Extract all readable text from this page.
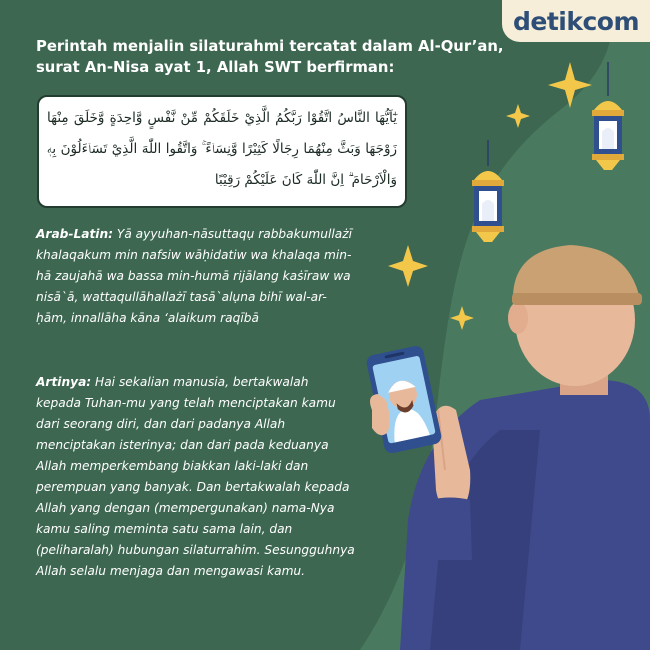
detik com
Perintah menjalin silaturahmi tercatat dalam Al-Qur’an, surat An-Nisa ayat 1, Allah SWT berfirman:
يٰٓاَيُّهَا النَّاسُ اتَّقُوْا رَبَّكُمُ الَّذِيْ خَلَقَكُمْ مِّنْ نَّفْسٍ وَّاحِدَةٍ وَّخَلَقَ مِنْهَا زَوْجَهَا وَبَثَّ مِنْهُمَا رِجَالًا كَثِيْرًا وَّنِسَاۤءً ۚ وَاتَّقُوا اللّٰهَ الَّذِيْ تَسَاۤءَلُوْنَ بِهٖ وَالْاَرْحَامَ ۗ اِنَّ اللّٰهَ كَانَ عَلَيْكُمْ رَقِيْبًا
Arab-Latin: Yā ayyuhan-nāsuttaqụ rabbakumullażī khalaqakum min nafsiw wāḥidatiw wa khalaqa min-hā zaujahā wa bassa min-humā rijālang kaṡīraw wa nisā`ā, wattaqullāhallażī tasā`alụna bihī wal-ar-ḥām, innallāha kāna ‘alaikum raqībā
Artinya: Hai sekalian manusia, bertakwalah kepada Tuhan-mu yang telah menciptakan kamu dari seorang diri, dan dari padanya Allah menciptakan isterinya; dan dari pada keduanya Allah memperkembang biakkan laki-laki dan perempuan yang banyak. Dan bertakwalah kepada Allah yang dengan (mempergunakan) nama-Nya kamu saling meminta satu sama lain, dan (peliharalah) hubungan silaturrahim. Sesungguhnya Allah selalu menjaga dan mengawasi kamu.
